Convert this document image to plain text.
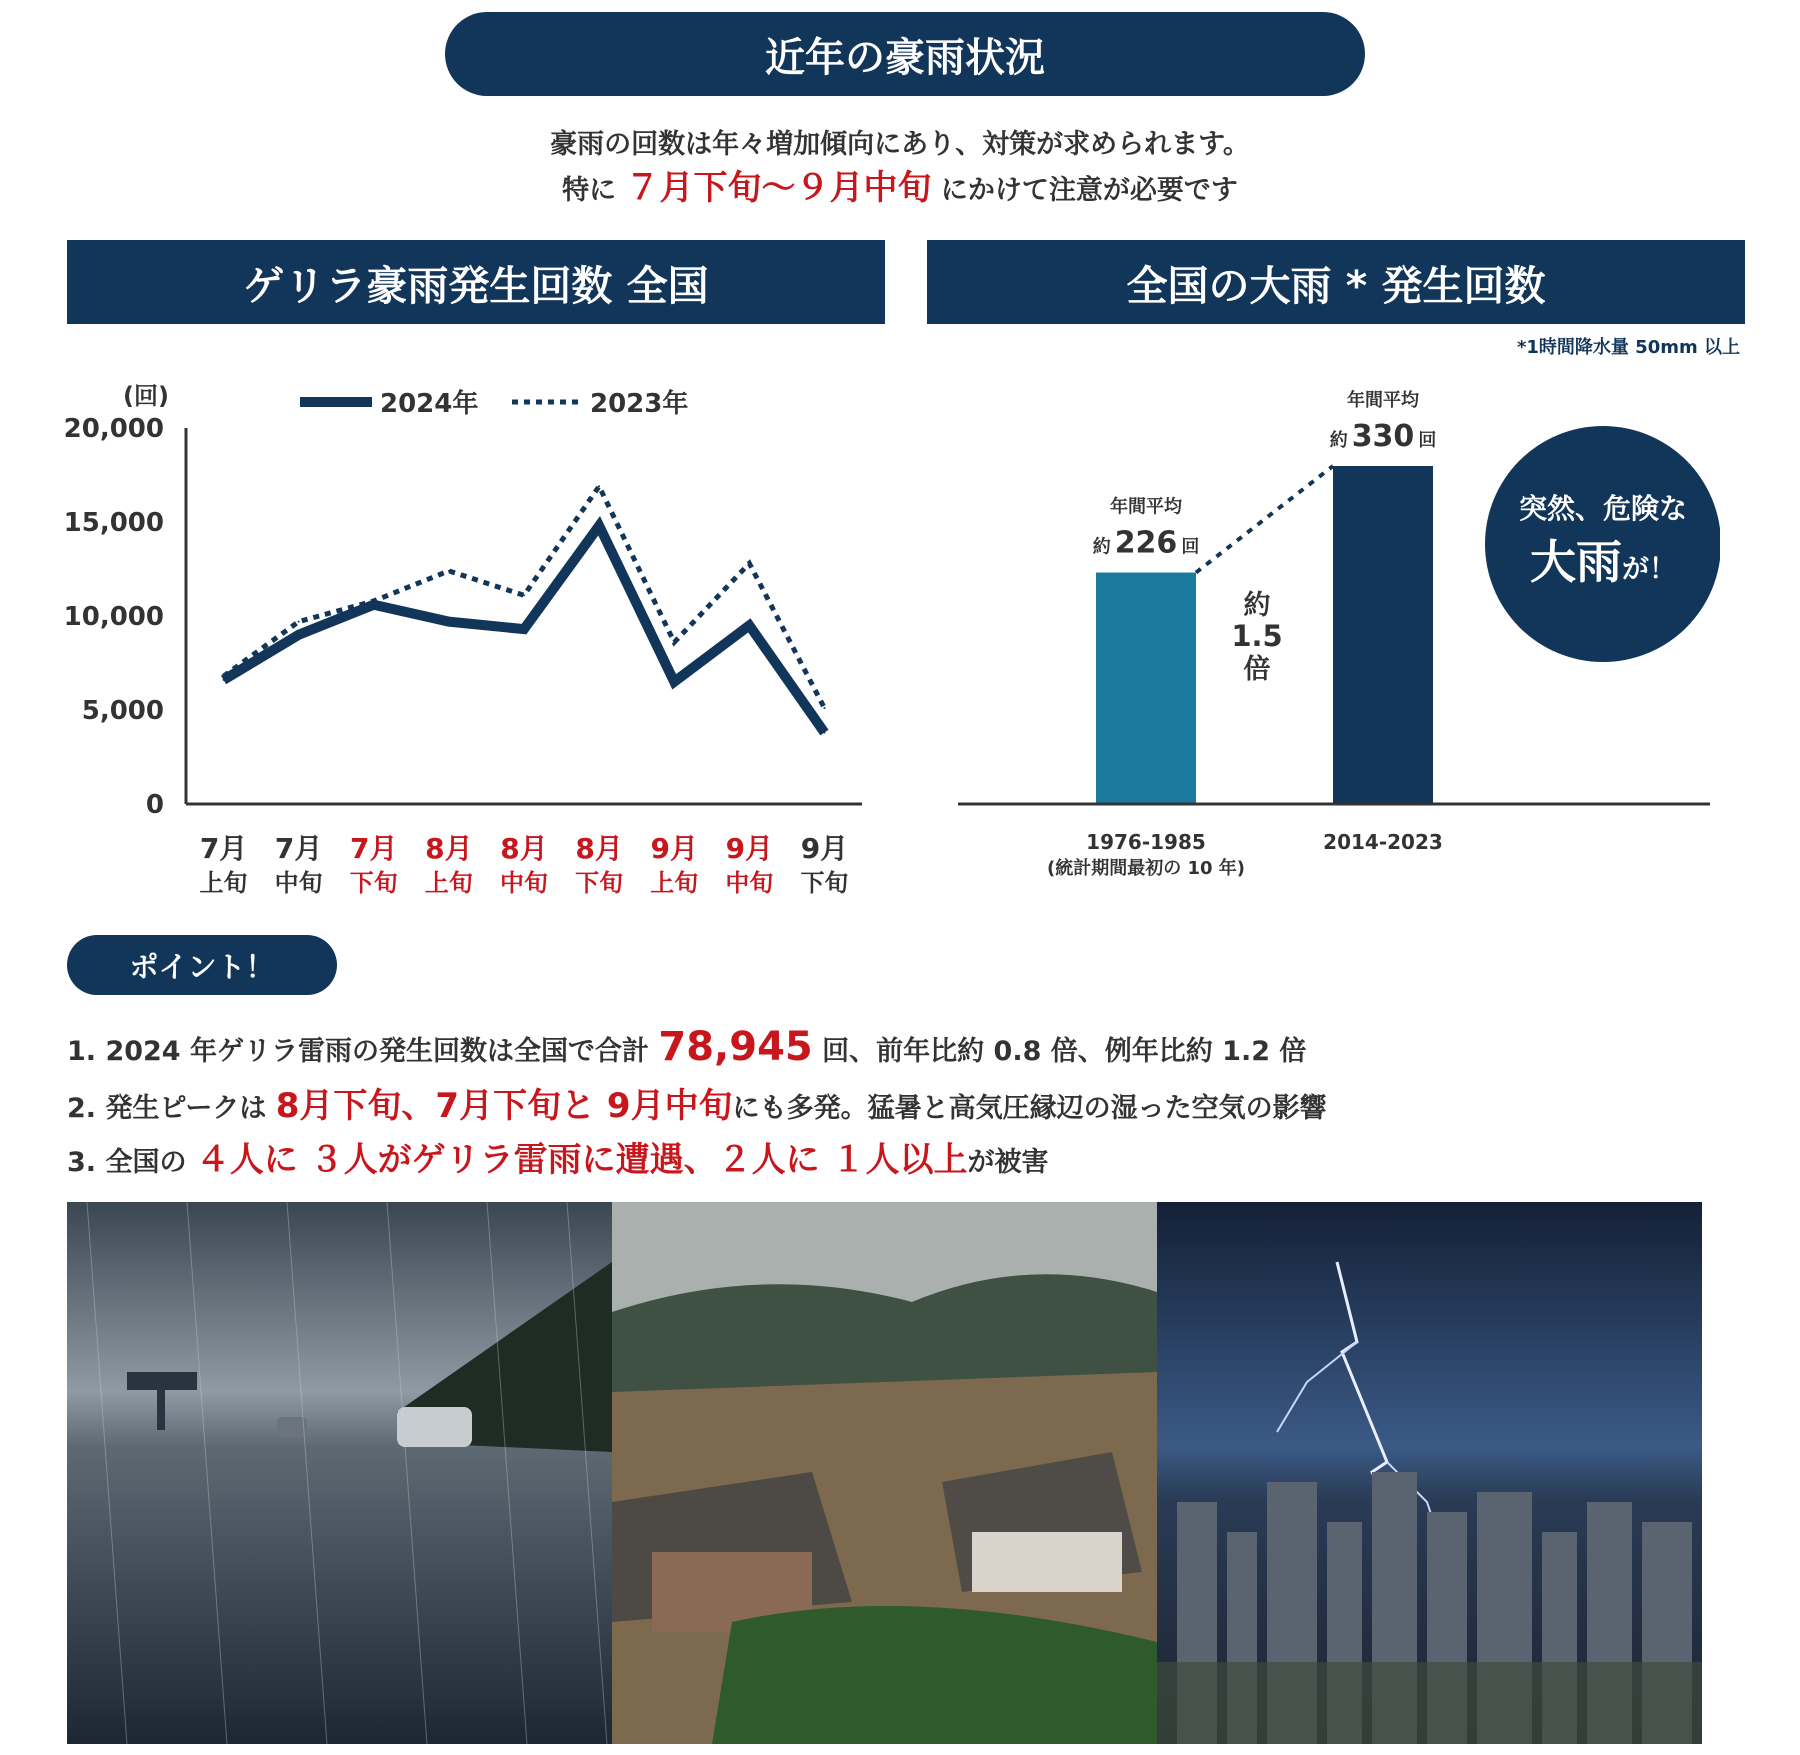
近年の豪雨状況
豪雨の回数は年々増加傾向にあり、対策が求められます。
特に ７月下旬〜９月中旬 にかけて注意が必要です
ゲリラ豪雨発生回数 全国	全国の大雨 * 発生回数
*1時間降水量 50mm 以上
(回)	2024年	2023年
0
5,000
10,000
15,000
20,000
7月
上旬
7月
中旬
7月
下旬
8月
上旬
8月
中旬
8月
下旬
9月
上旬
9月
中旬
9月
下旬
年間平均
約 226 回
1976-1985
(統計期間最初の 10 年)
年間平均
約 330 回
2014-2023
約
1.5
倍
突然、危険な
大雨が！
ポイント！
1. 2024 年ゲリラ雷雨の発生回数は全国で合計 78,945 回、前年比約 0.8 倍、例年比約 1.2 倍
2. 発生ピークは 8月下旬、7月下旬と 9月中旬にも多発。猛暑と高気圧縁辺の湿った空気の影響
3. 全国の ４人に ３人がゲリラ雷雨に遭遇、２人に １人以上が被害
